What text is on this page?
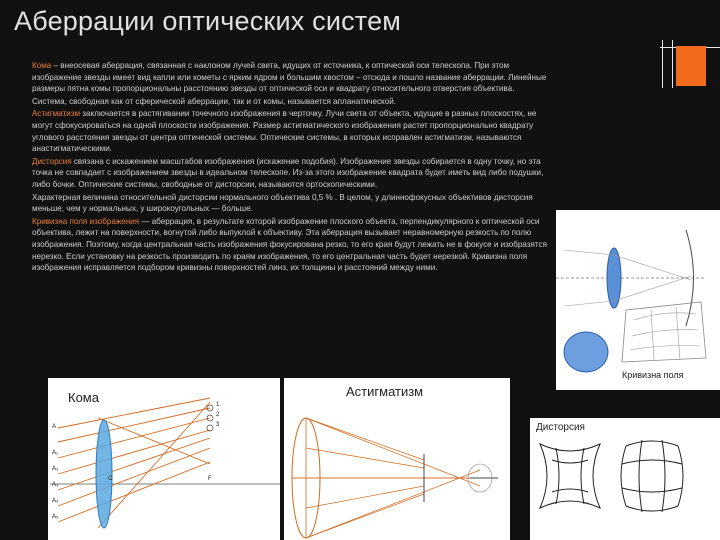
Аберрации оптических систем

Кома – внеосевая аберрация, связанная с наклоном лучей света, идущих от источника, к оптической оси телескопа. При этом изображение звезды имеет вид капли или кометы с ярким ядром и большим хвостом – отсюда и пошло название аберрации. Линейные размеры пятна комы пропорциональны расстоянию звезды от оптической оси и квадрату относительного отверстия объектива.

Система, свободная как от сферической аберрации, так и от комы, называется апланатической.

Астигматизм заключается в растягивании точечного изображения в черточку. Лучи света от объекта, идущие в разных плоскостях, не могут сфокусироваться на одной плоскости изображения. Размер астигматического изображения растет пропорционально квадрату углового расстояния звезды от центра оптической системы. Оптические системы, в которых исправлен астигматизм, называются анастигматическими.

Дисторсия связана с искажением масштабов изображения (искажение подобия). Изображение звезды собирается в одну точку, но эта точка не совпадает с изображением звезды в идеальном телескопе. Из-за этого изображение квадрата будет иметь вид либо подушки, либо бочки. Оптические системы, свободные от дисторсии, называются ортоскопическими.

Характерная величина относительной дисторсии нормального объектива 0,5 % . В целом, у длиннофокусных объективов дисторсия меньше, чем у нормальных, у широкоугольных — больше.

Кривизна поля изображения — аберрация, в результате которой изображение плоского объекта, перпендикулярного к оптической оси объектива, лежит на поверхности, вогнутой либо выпуклой к объективу. Эта аберрация вызывает неравномерную резкость по полю изображения. Поэтому, когда центральная часть изображения фокусирована резко, то его края будут лежать не в фокусе и изобразятся нерезко. Если установку на резкость производить по краям изображения, то его центральная часть будет нерезкой. Кривизна поля изображения исправляется подбором кривизны поверхностей линз, их толщины и расстояний между ними.

Кривизна поля
Кома
A
A₁
A₂
A₃
A₄
A₅
F
O
1
2
3
Астигматизм
Дисторсия
